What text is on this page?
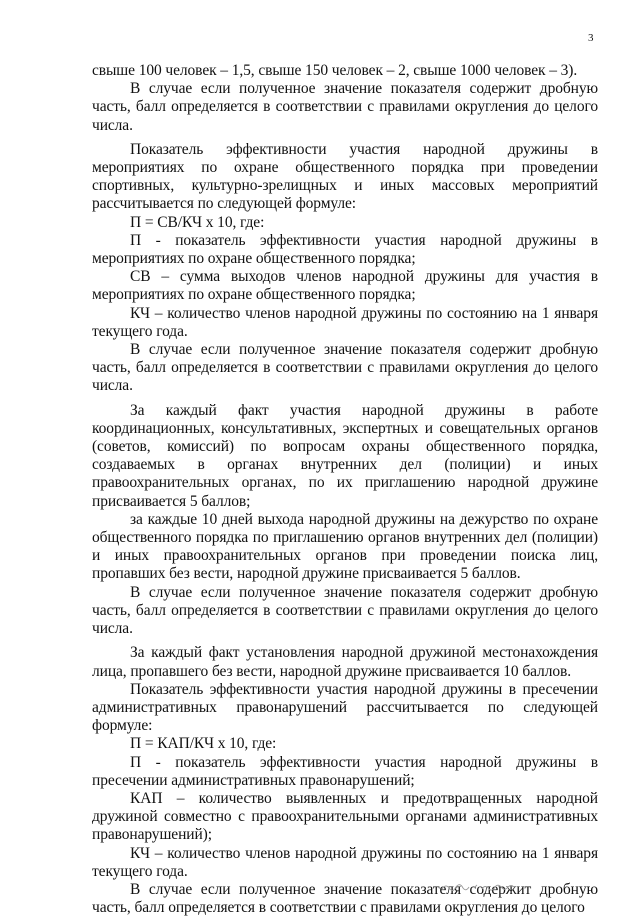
3

свыше 100 человек – 1,5, свыше 150 человек – 2, свыше 1000 человек – 3).

В случае если полученное значение показателя содержит дробную часть, балл определяется в соответствии с правилами округления до целого числа.

Показатель эффективности участия народной дружины в мероприятиях по охране общественного порядка при проведении спортивных, культурно-зрелищных и иных массовых мероприятий рассчитывается по следующей формуле:

П = СВ/КЧ х 10, где:

П - показатель эффективности участия народной дружины в мероприятиях по охране общественного порядка;

СВ – сумма выходов членов народной дружины для участия в мероприятиях по охране общественного порядка;

КЧ – количество членов народной дружины по состоянию на 1 января текущего года.

В случае если полученное значение показателя содержит дробную часть, балл определяется в соответствии с правилами округления до целого числа.

За каждый факт участия народной дружины в работе координационных, консультативных, экспертных и совещательных органов (советов, комиссий) по вопросам охраны общественного порядка, создаваемых в органах внутренних дел (полиции) и иных правоохранительных органах, по их приглашению народной дружине присваивается 5 баллов;

за каждые 10 дней выхода народной дружины на дежурство по охране общественного порядка по приглашению органов внутренних дел (полиции) и иных правоохранительных органов при проведении поиска лиц, пропавших без вести, народной дружине присваивается 5 баллов.

В случае если полученное значение показателя содержит дробную часть, балл определяется в соответствии с правилами округления до целого числа.

За каждый факт установления народной дружиной местонахождения лица, пропавшего без вести, народной дружине присваивается 10 баллов.

Показатель эффективности участия народной дружины в пресечении административных правонарушений рассчитывается по следующей формуле:

П = КАП/КЧ х 10, где:

П - показатель эффективности участия народной дружины в пресечении административных правонарушений;

КАП – количество выявленных и предотвращенных народной дружиной совместно с правоохранительными органами административных правонарушений);

КЧ – количество членов народной дружины по состоянию на 1 января текущего года.

В случае если полученное значение показателя содержит дробную часть, балл определяется в соответствии с правилами округления до целого
